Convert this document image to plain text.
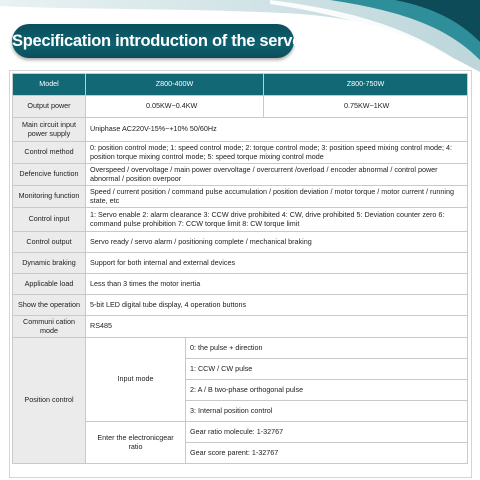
Specification introduction of the servo drive
Model	Z800-400W		Z800-750W
Output power	0.05KW~0.4KW		0.75KW~1KW
Main circuit input power supply	Uniphase AC220V-15%~+10% 50/60Hz		
Control method	0: position control mode; 1: speed control mode; 2: torque control mode; 3: position speed mixing control mode; 4: position torque mixing control mode; 5: speed torque mixing control mode		
Defencive function	Overspeed / overvoltage / main power overvoltage / overcurrent /overload / encoder abnormal / control power abnormal / position overpoor		
Monitoring function	Speed / current position / command pulse accumulation / position deviation / motor torque / motor current / running state, etc		
Control input	1: Servo enable 2: alarm clearance 3: CCW drive prohibited 4: CW, drive prohibited 5: Deviation counter zero 6: command pulse prohibition 7: CCW torque limit 8: CW torque limit		
Control output	Servo ready / servo alarm / positioning complete / mechanical braking		
Dynamic braking	Support for both internal and external devices		
Applicable load	Less than 3 times the motor inertia		
Show the operation	5-bit LED digital tube display, 4 operation buttons		
Communi cation mode	RS485		
Position control	Input mode	0: the pulse + direction	
		1: CCW / CW pulse	
		2: A / B two-phase orthogonal pulse	
		3: Internal position control	
	Enter the electronicgear ratio	Gear ratio molecule: 1-32767	
		Gear score parent: 1-32767	
